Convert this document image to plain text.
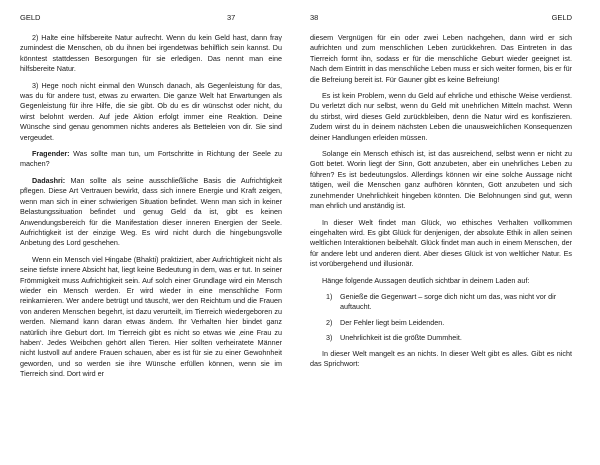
GELD	37

2) Halte eine hilfsbereite Natur aufrecht. Wenn du kein Geld hast, dann fraγ zumindest die Menschen, ob du ihnen bei irgendetwas behilflich sein kannst. Du könntest stattdessen Besorgungen für sie erledigen. Das nennt man eine hilfsbereite Natur.

3) Hege noch nicht einmal den Wunsch danach, als Gegenleistung für das, was du für andere tust, etwas zu erwarten. Die ganze Welt hat Erwartungen als Gegenleistung für ihre Hilfe, die sie gibt. Ob du es dir wünschst oder nicht, du wirst belohnt werden. Auf jede Aktion erfolgt immer eine Reaktion. Deine Wünsche sind genau genommen nichts anderes als Betteleien von dir. Sie sind vergeudet.

Fragender: Was sollte man tun, um Fortschritte in Richtung der Seele zu machen?

Dadashri: Man sollte als seine ausschließliche Basis die Aufrichtigkeit pflegen. Diese Art Vertrauen bewirkt, dass sich innere Energie und Kraft zeigen, wenn man sich in einer schwierigen Situation befindet. Wenn man sich in keiner Belastungssituation befindet und genug Geld da ist, gibt es keinen Anwendungsbereich für die Manifestation dieser inneren Energien der Seele. Aufrichtigkeit ist der einzige Weg. Es wird nicht durch die hingebungsvolle Anbetung des Lord geschehen.

Wenn ein Mensch viel Hingabe (Bhakti) praktiziert, aber Aufrichtigkeit nicht als seine tiefste innere Absicht hat, liegt keine Bedeutung in dem, was er tut. In seiner Frömmigkeit muss Aufrichtigkeit sein. Auf solch einer Grundlage wird ein Mensch wieder ein Mensch werden. Er wird wieder in eine menschliche Form reinkarnieren. Wer andere betrügt und täuscht, wer den Reichtum und die Frauen von anderen Menschen begehrt, ist dazu verurteilt, im Tierreich wiedergeboren zu werden. Niemand kann daran etwas ändern. Ihr Verhalten hier bindet ganz natürlich ihre Geburt dort. Im Tierreich gibt es nicht so etwas wie ‚eine Frau zu haben‘. Jedes Weibchen gehört allen Tieren. Hier sollten verheiratete Männer nicht lustvoll auf andere Frauen schauen, aber es ist für sie zu einer Gewohnheit geworden, und so werden sie ihre Wünsche erfüllen können, wenn sie im Tierreich sind. Dort wird er

38	GELD

diesem Vergnügen für ein oder zwei Leben nachgehen, dann wird er sich aufrichten und zum menschlichen Leben zurückkehren. Das Eintreten in das Tierreich formt ihn, sodass er für die menschliche Geburt wieder geeignet ist. Nach dem Eintritt in das menschliche Leben muss er sich weiter formen, bis er für die Befreiung bereit ist. Für Gauner gibt es keine Befreiung!

Es ist kein Problem, wenn du Geld auf ehrliche und ethische Weise verdienst. Du verletzt dich nur selbst, wenn du Geld mit unehrlichen Mitteln machst. Wenn du stirbst, wird dieses Geld zurückbleiben, denn die Natur wird es konfiszieren. Zudem wirst du in deinem nächsten Leben die unausweichlichen Konsequenzen deiner Handlungen erleiden müssen.

Solange ein Mensch ethisch ist, ist das ausreichend, selbst wenn er nicht zu Gott betet. Worin liegt der Sinn, Gott anzubeten, aber ein unehrliches Leben zu führen? Es ist bedeutungslos. Allerdings können wir eine solche Aussage nicht tätigen, weil die Menschen ganz aufhören könnten, Gott anzubeten und sich zunehmender Unehrlichkeit hingeben könnten. Die Belohnungen sind gut, wenn man ehrlich und anständig ist.

In dieser Welt findet man Glück, wo ethisches Verhalten vollkommen eingehalten wird. Es gibt Glück für denjenigen, der absolute Ethik in allen seinen weltlichen Interaktionen beibehält. Glück findet man auch in einem Menschen, der für andere lebt und anderen dient. Aber dieses Glück ist von weltlicher Natur. Es ist vorübergehend und illusionär.

Hänge folgende Aussagen deutlich sichtbar in deinem Laden auf:

1) Genieße die Gegenwart – sorge dich nicht um das, was nicht vor dir auftaucht.
2) Der Fehler liegt beim Leidenden.
3) Unehrlichkeit ist die größte Dummheit.

In dieser Welt mangelt es an nichts. In dieser Welt gibt es alles. Gibt es nicht das Sprichwort:
